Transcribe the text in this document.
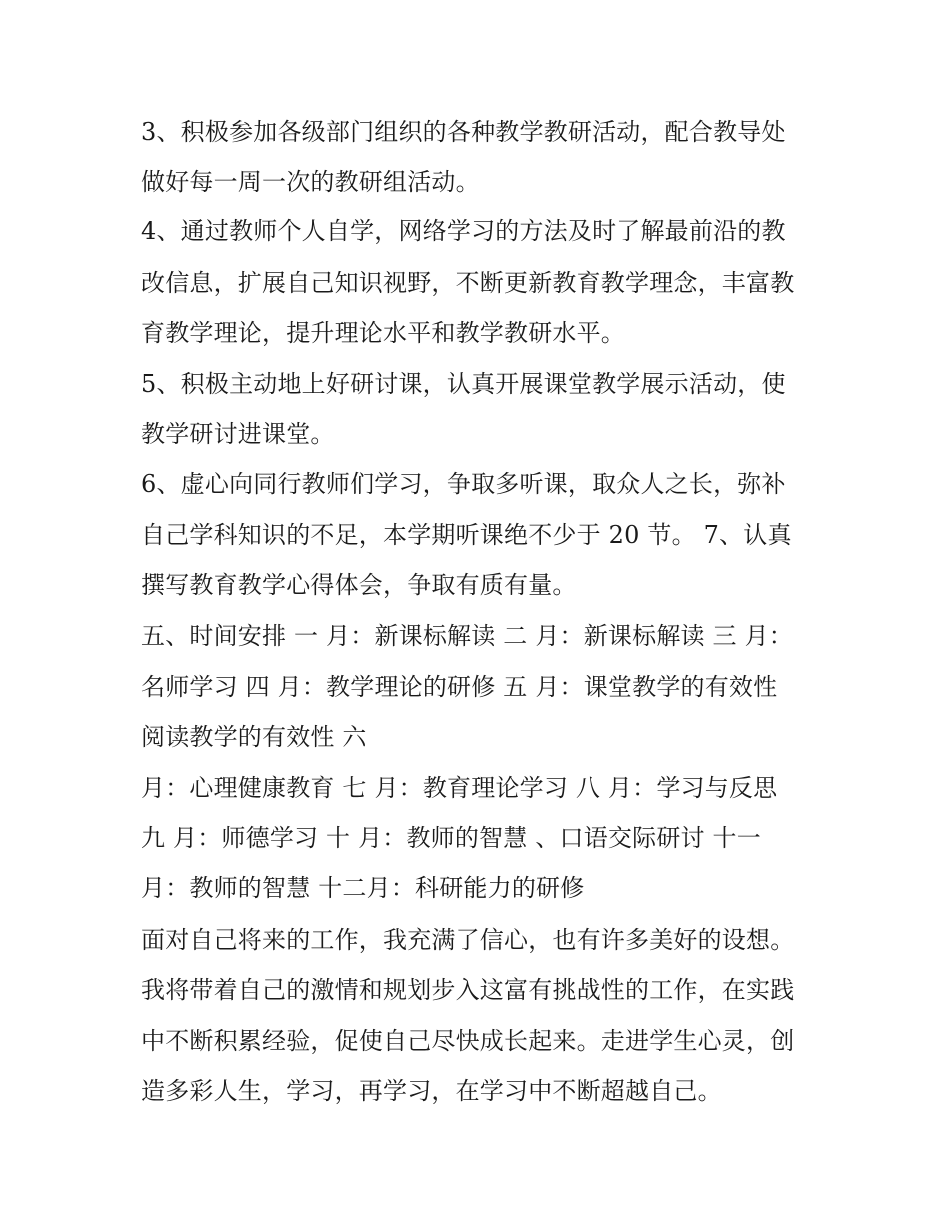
3、积极参加各级部门组织的各种教学教研活动，配合教导处
做好每一周一次的教研组活动。
4、通过教师个人自学，网络学习的方法及时了解最前沿的教
改信息，扩展自己知识视野，不断更新教育教学理念，丰富教
育教学理论，提升理论水平和教学教研水平。
5、积极主动地上好研讨课，认真开展课堂教学展示活动，使
教学研讨进课堂。
6、虚心向同行教师们学习，争取多听课，取众人之长，弥补
自己学科知识的不足，本学期听课绝不少于 20 节。 7、认真
撰写教育教学心得体会，争取有质有量。
五、时间安排 一 月：新课标解读 二 月：新课标解读 三 月：
名师学习 四 月：教学理论的研修 五 月：课堂教学的有效性
阅读教学的有效性 六
月：心理健康教育 七 月：教育理论学习 八 月：学习与反思
九 月：师德学习 十 月：教师的智慧 、口语交际研讨 十一
月：教师的智慧 十二月：科研能力的研修
面对自己将来的工作，我充满了信心，也有许多美好的设想。
我将带着自己的激情和规划步入这富有挑战性的工作，在实践
中不断积累经验，促使自己尽快成长起来。走进学生心灵，创
造多彩人生，学习，再学习，在学习中不断超越自己。
